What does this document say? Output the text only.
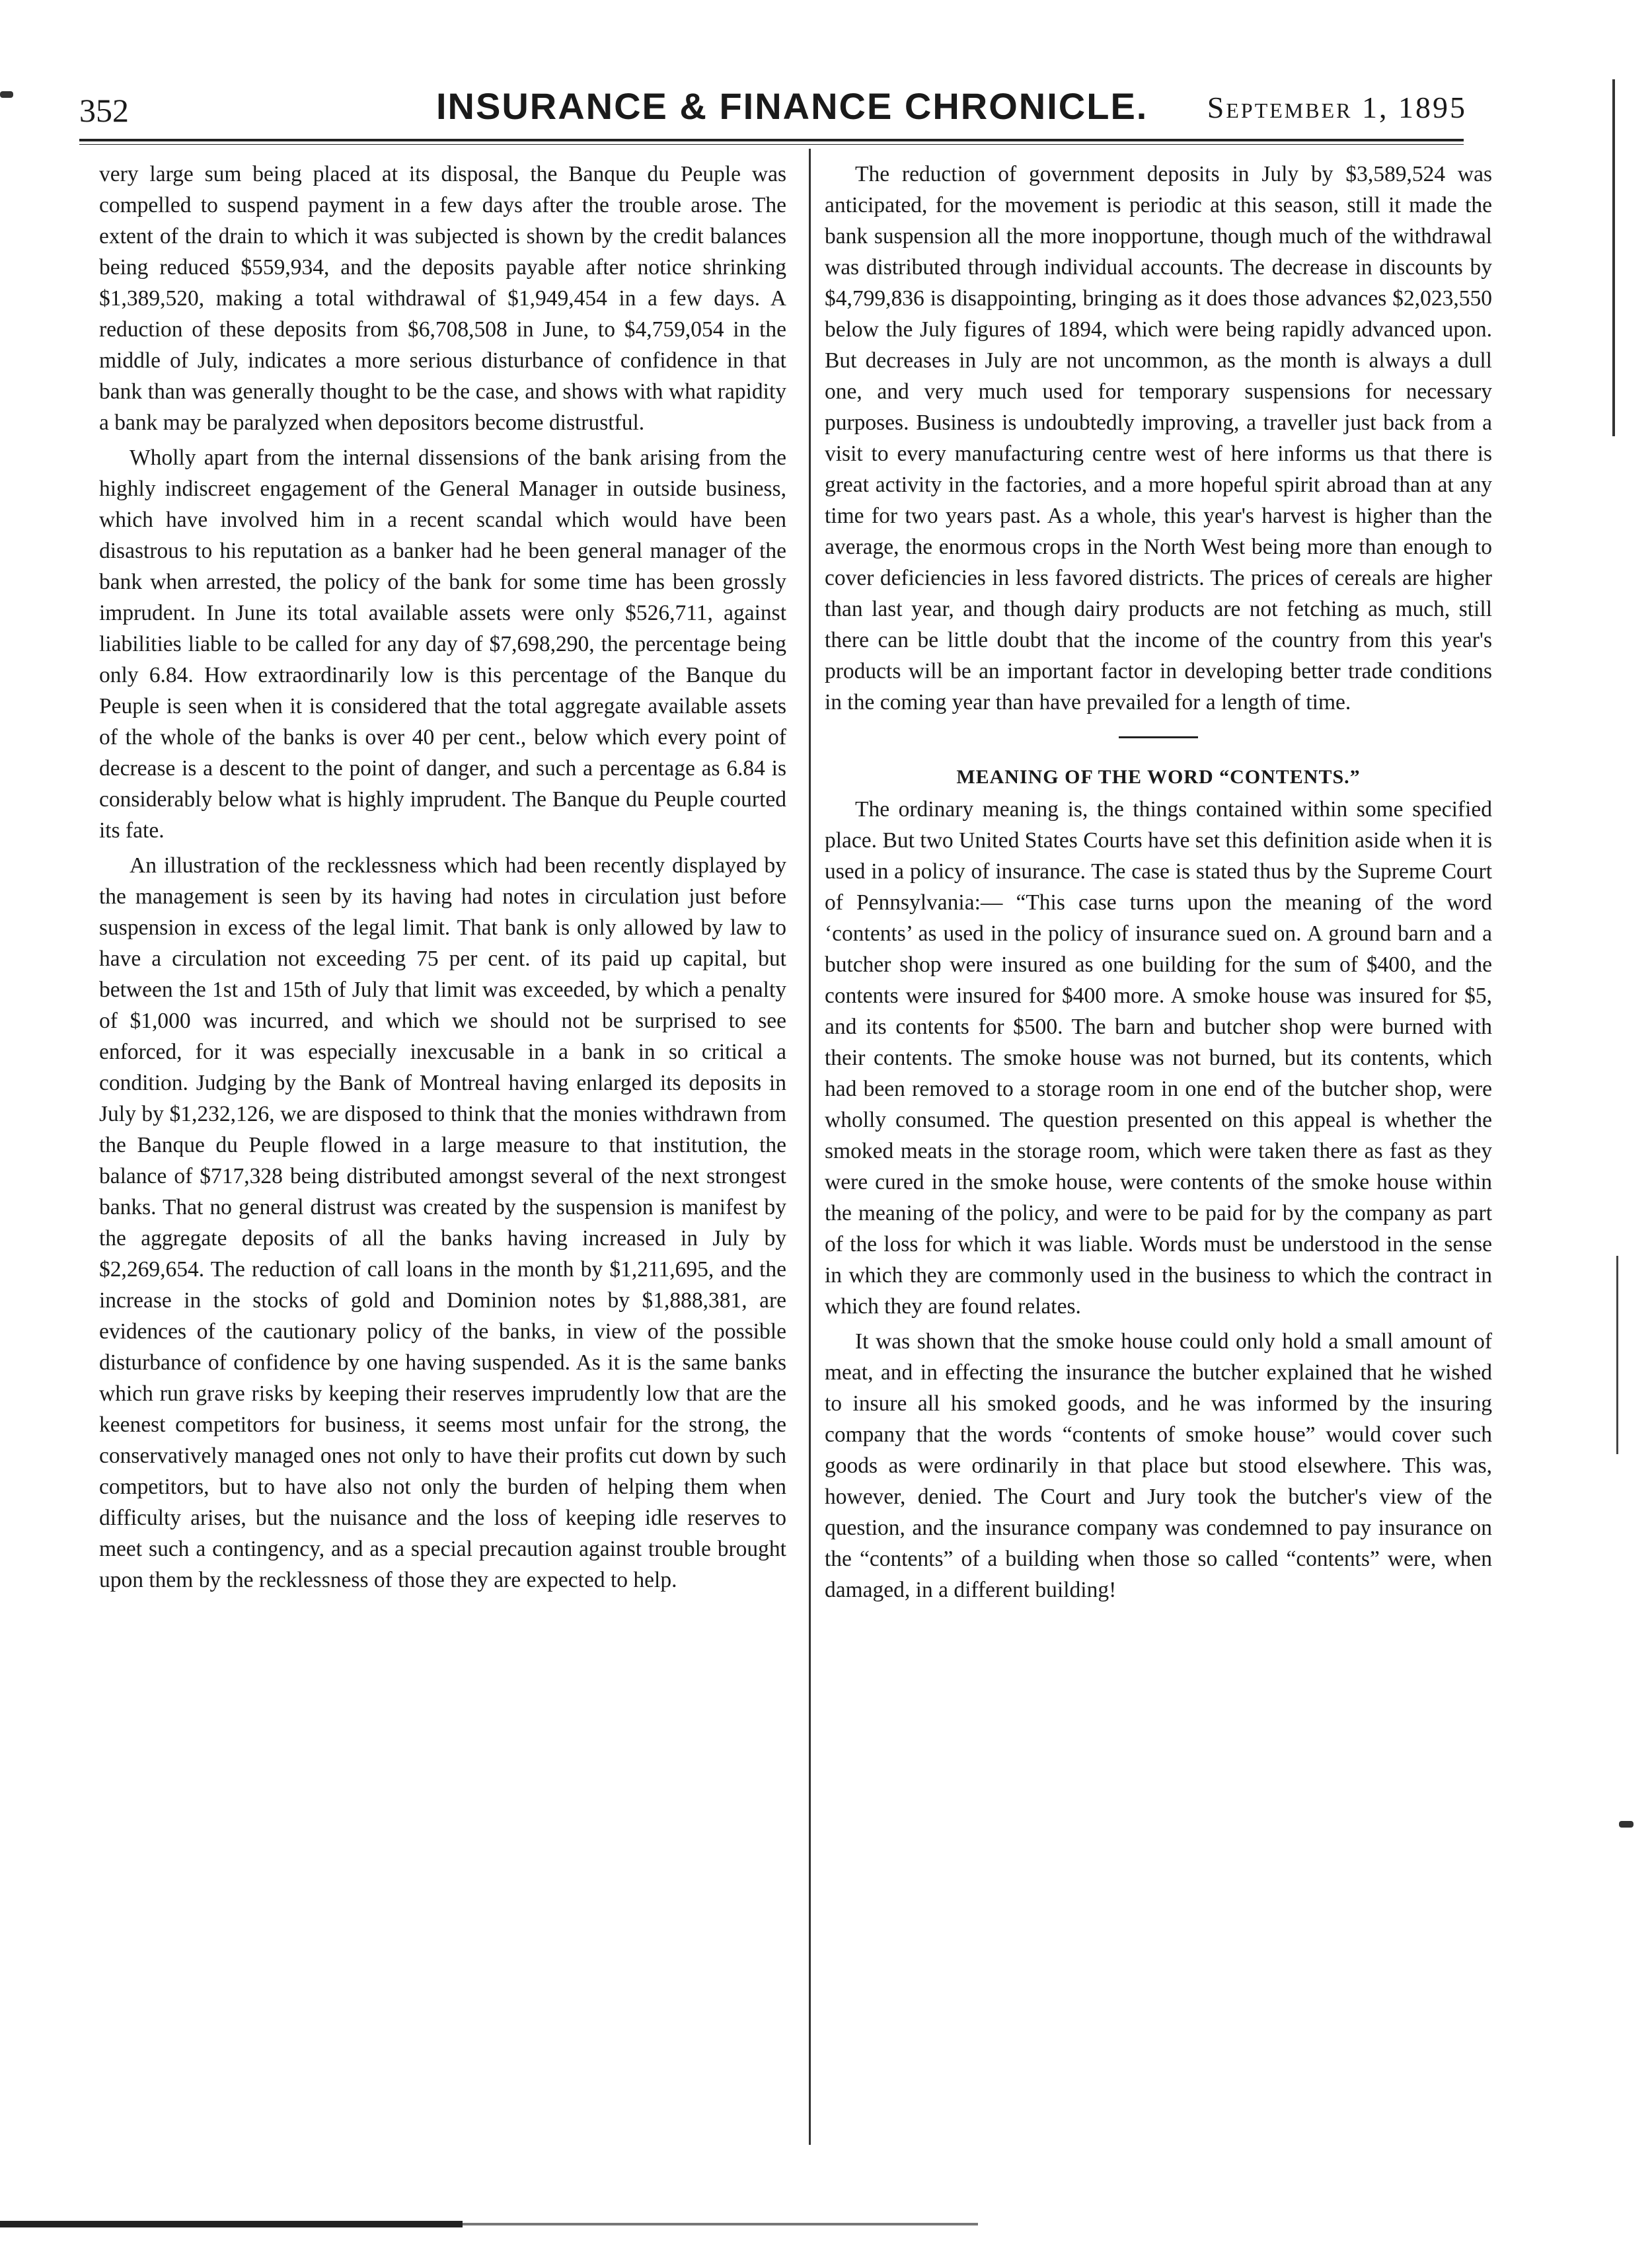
352	INSURANCE & FINANCE CHRONICLE. September 1, 1895

very large sum being placed at its disposal, the Banque du Peuple was compelled to suspend payment in a few days after the trouble arose. The extent of the drain to which it was subjected is shown by the credit balances being reduced $559,934, and the deposits payable after notice shrinking $1,389,520, making a total withdrawal of $1,949,454 in a few days. A reduction of these deposits from $6,708,508 in June, to $4,759,054 in the middle of July, indicates a more serious disturbance of confidence in that bank than was generally thought to be the case, and shows with what rapidity a bank may be paralyzed when depositors become distrustful.

Wholly apart from the internal dissensions of the bank arising from the highly indiscreet engagement of the General Manager in outside business, which have involved him in a recent scandal which would have been disastrous to his reputation as a banker had he been general manager of the bank when arrested, the policy of the bank for some time has been grossly imprudent. In June its total available assets were only $526,711, against liabilities liable to be called for any day of $7,698,290, the percentage being only 6.84. How extraordinarily low is this percentage of the Banque du Peuple is seen when it is considered that the total aggregate available assets of the whole of the banks is over 40 per cent., below which every point of decrease is a descent to the point of danger, and such a percentage as 6.84 is considerably below what is highly imprudent. The Banque du Peuple courted its fate.

An illustration of the recklessness which had been recently displayed by the management is seen by its having had notes in circulation just before suspension in excess of the legal limit. That bank is only allowed by law to have a circulation not exceeding 75 per cent. of its paid up capital, but between the 1st and 15th of July that limit was exceeded, by which a penalty of $1,000 was incurred, and which we should not be surprised to see enforced, for it was especially inexcusable in a bank in so critical a condition. Judging by the Bank of Montreal having enlarged its deposits in July by $1,232,126, we are disposed to think that the monies withdrawn from the Banque du Peuple flowed in a large measure to that institution, the balance of $717,328 being distributed amongst several of the next strongest banks. That no general distrust was created by the suspension is manifest by the aggregate deposits of all the banks having increased in July by $2,269,654. The reduction of call loans in the month by $1,211,695, and the increase in the stocks of gold and Dominion notes by $1,888,381, are evidences of the cautionary policy of the banks, in view of the possible disturbance of confidence by one having suspended. As it is the same banks which run grave risks by keeping their reserves imprudently low that are the keenest competitors for business, it seems most unfair for the strong, the conservatively managed ones not only to have their profits cut down by such competitors, but to have also not only the burden of helping them when difficulty arises, but the nuisance and the loss of keeping idle reserves to meet such a contingency, and as a special precaution against trouble brought upon them by the recklessness of those they are expected to help.

The reduction of government deposits in July by $3,589,524 was anticipated, for the movement is periodic at this season, still it made the bank suspension all the more inopportune, though much of the withdrawal was distributed through individual accounts. The decrease in discounts by $4,799,836 is disappointing, bringing as it does those advances $2,023,550 below the July figures of 1894, which were being rapidly advanced upon. But decreases in July are not uncommon, as the month is always a dull one, and very much used for temporary suspensions for necessary purposes. Business is undoubtedly improving, a traveller just back from a visit to every manufacturing centre west of here informs us that there is great activity in the factories, and a more hopeful spirit abroad than at any time for two years past. As a whole, this year's harvest is higher than the average, the enormous crops in the North West being more than enough to cover deficiencies in less favored districts. The prices of cereals are higher than last year, and though dairy products are not fetching as much, still there can be little doubt that the income of the country from this year's products will be an important factor in developing better trade conditions in the coming year than have prevailed for a length of time.

MEANING OF THE WORD “CONTENTS.”

The ordinary meaning is, the things contained within some specified place. But two United States Courts have set this definition aside when it is used in a policy of insurance. The case is stated thus by the Supreme Court of Pennsylvania:— “This case turns upon the meaning of the word ‘contents’ as used in the policy of insurance sued on. A ground barn and a butcher shop were insured as one building for the sum of $400, and the contents were insured for $400 more. A smoke house was insured for $5, and its contents for $500. The barn and butcher shop were burned with their contents. The smoke house was not burned, but its contents, which had been removed to a storage room in one end of the butcher shop, were wholly consumed. The question presented on this appeal is whether the smoked meats in the storage room, which were taken there as fast as they were cured in the smoke house, were contents of the smoke house within the meaning of the policy, and were to be paid for by the company as part of the loss for which it was liable. Words must be understood in the sense in which they are commonly used in the business to which the contract in which they are found relates.

It was shown that the smoke house could only hold a small amount of meat, and in effecting the insurance the butcher explained that he wished to insure all his smoked goods, and he was informed by the insuring company that the words “contents of smoke house” would cover such goods as were ordinarily in that place but stood elsewhere. This was, however, denied. The Court and Jury took the butcher's view of the question, and the insurance company was condemned to pay insurance on the “contents” of a building when those so called “contents” were, when damaged, in a different building!
